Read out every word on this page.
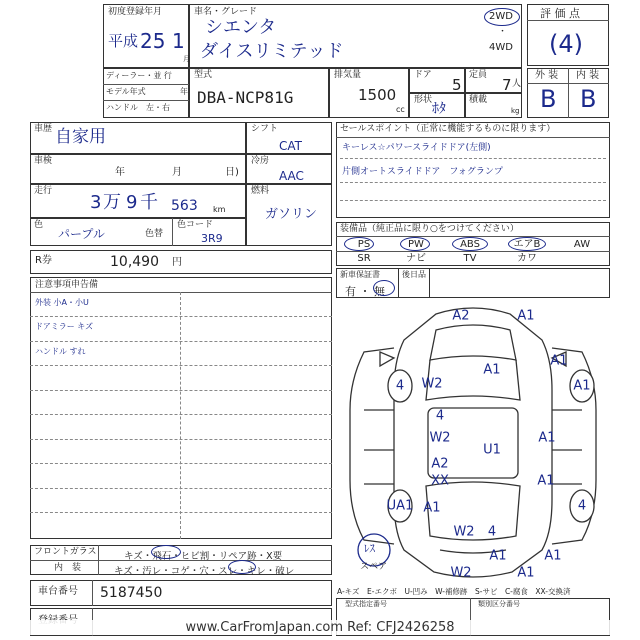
初度登録年月
平成 25 1
月
車名・グレード
シエンタ
ダイスリミテッド
2WD
・
4WD
評 価 点
(4)
ディーラー・並 行
モデル年式	年
ハンドル　左・右
型式
DBA-NCP81G
排気量
1500
cc
ドア
5
定員
7 人
形状
ﾎﾀ
積載
kg
外 装 内 装
B B
車歴 自家用
車検
年	月	日)
走行
3 万 9 千 563 km
色
パープル	色替
色コード
3R9
シフト
CAT
冷房
AAC
燃料
ガソリン
R券	10,490 円
セールスポイント（正常に機能するものに限ります）
キーレス☆パワースライドドア(左側)
片側オートスライドドア　フォグランプ
装備品（純正品に限り○をつけてください）
PS	PW	ABS	エアB	AW
SR	ナビ	TV	カワ
新車保証書
有 ・ 無
後日品
注意事項申告備
外装 小A・小U
ドアミラー キズ
ハンドル すれ
A2	A1
A1
A1
4 W2	A1
4
W2
U1
A1
A2
XX	A1
UA1 A1	4
W2 4
W2	A1
A1	A1
ﾚｽ
スペア
フロントガラス	キズ・飛石・ヒビ割・リペア跡・X要
内　装	キズ・汚レ・コゲ・穴・スレ・キレ・破レ
車台番号 5187450	A-キズ　E-エクボ　U-凹み　W-補修跡　S-サビ　C-腐食　XX-交換済
型式指定番号	類別区分番号
www.CarFromJapan.com Ref: CFJ2426258
